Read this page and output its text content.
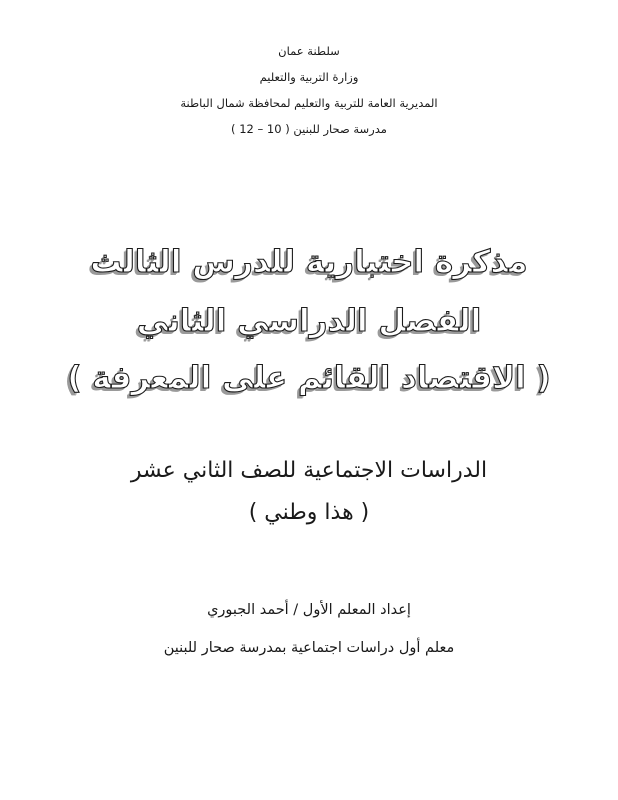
سلطنة عمان
وزارة التربية والتعليم
المديرية العامة للتربية والتعليم لمحافظة شمال الباطنة
مدرسة صحار للبنين ( 10 – 12 )
مذكرة اختبارية للدرس الثالث
الفصل الدراسي الثاني
( الاقتصاد القائم على المعرفة )
الدراسات الاجتماعية للصف الثاني عشر
( هذا وطني )
إعداد المعلم الأول / أحمد الجبوري
معلم أول دراسات اجتماعية بمدرسة صحار للبنين
